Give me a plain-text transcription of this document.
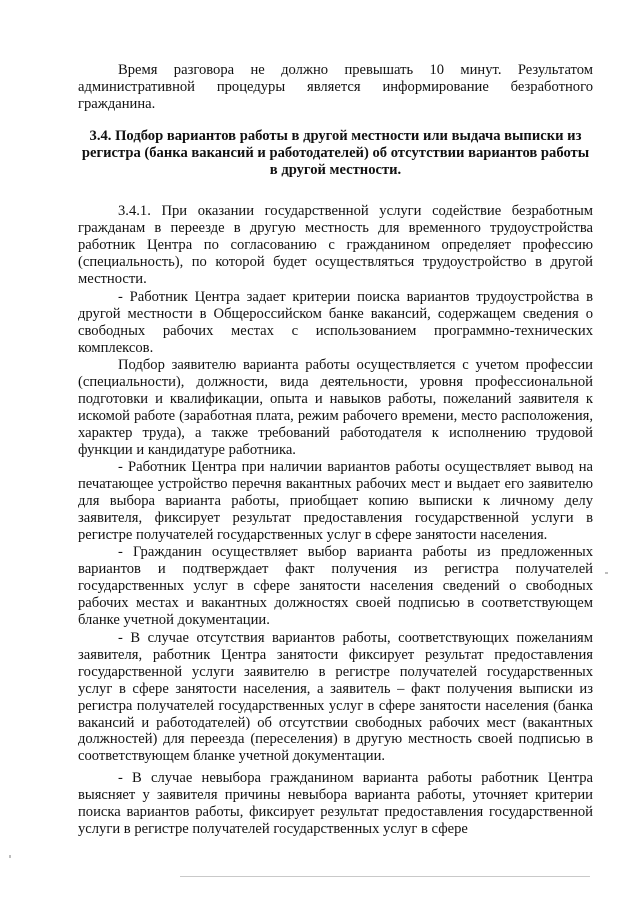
Время разговора не должно превышать 10 минут. Результатом административной процедуры является информирование безработного гражданина.

3.4. Подбор вариантов работы в другой местности или выдача выписки из регистра (банка вакансий и работодателей) об отсутствии вариантов работы в другой местности.

3.4.1. При оказании государственной услуги содействие безработным гражданам в переезде в другую местность для временного трудоустройства работник Центра по согласованию с гражданином определяет профессию (специальность), по которой будет осуществляться трудоустройство в другой местности.

- Работник Центра задает критерии поиска вариантов трудоустройства в другой местности в Общероссийском банке вакансий, содержащем сведения о свободных рабочих местах с использованием программно-технических комплексов.

Подбор заявителю варианта работы осуществляется с учетом профессии (специальности), должности, вида деятельности, уровня профессиональной подготовки и квалификации, опыта и навыков работы, пожеланий заявителя к искомой работе (заработная плата, режим рабочего времени, место расположения, характер труда), а также требований работодателя к исполнению трудовой функции и кандидатуре работника.

- Работник Центра при наличии вариантов работы осуществляет вывод на печатающее устройство перечня вакантных рабочих мест и выдает его заявителю для выбора варианта работы, приобщает копию выписки к личному делу заявителя, фиксирует результат предоставления государственной услуги в регистре получателей государственных услуг в сфере занятости населения.

- Гражданин осуществляет выбор варианта работы из предложенных вариантов и подтверждает факт получения из регистра получателей государственных услуг в сфере занятости населения сведений о свободных рабочих местах и вакантных должностях своей подписью в соответствующем бланке учетной документации.

- В случае отсутствия вариантов работы, соответствующих пожеланиям заявителя, работник Центра занятости фиксирует результат предоставления государственной услуги заявителю в регистре получателей государственных услуг в сфере занятости населения, а заявитель – факт получения выписки из регистра получателей государственных услуг в сфере занятости населения (банка вакансий и работодателей) об отсутствии свободных рабочих мест (вакантных должностей) для переезда (переселения) в другую местность своей подписью в соответствующем бланке учетной документации.

- В случае невыбора гражданином варианта работы работник Центра выясняет у заявителя причины невыбора варианта работы, уточняет критерии поиска вариантов работы, фиксирует результат предоставления государственной услуги в регистре получателей государственных услуг в сфере
